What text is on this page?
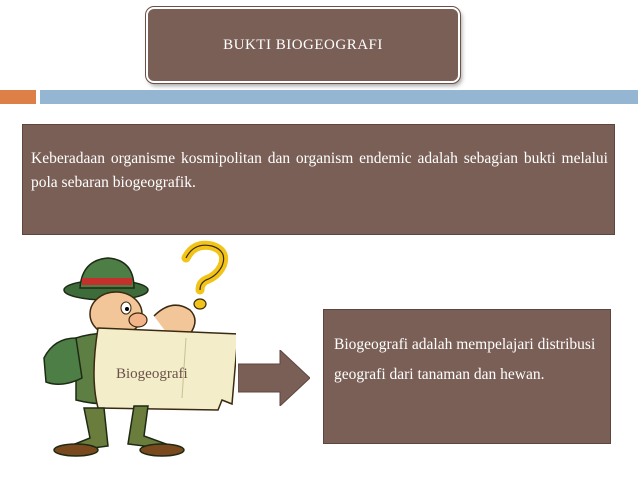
BUKTI BIOGEOGRAFI
Keberadaan organisme kosmipolitan dan organism endemic adalah sebagian bukti melalui pola sebaran biogeografik.
Biogeografi
Biogeografi adalah mempelajari distribusi geografi dari tanaman dan hewan.
